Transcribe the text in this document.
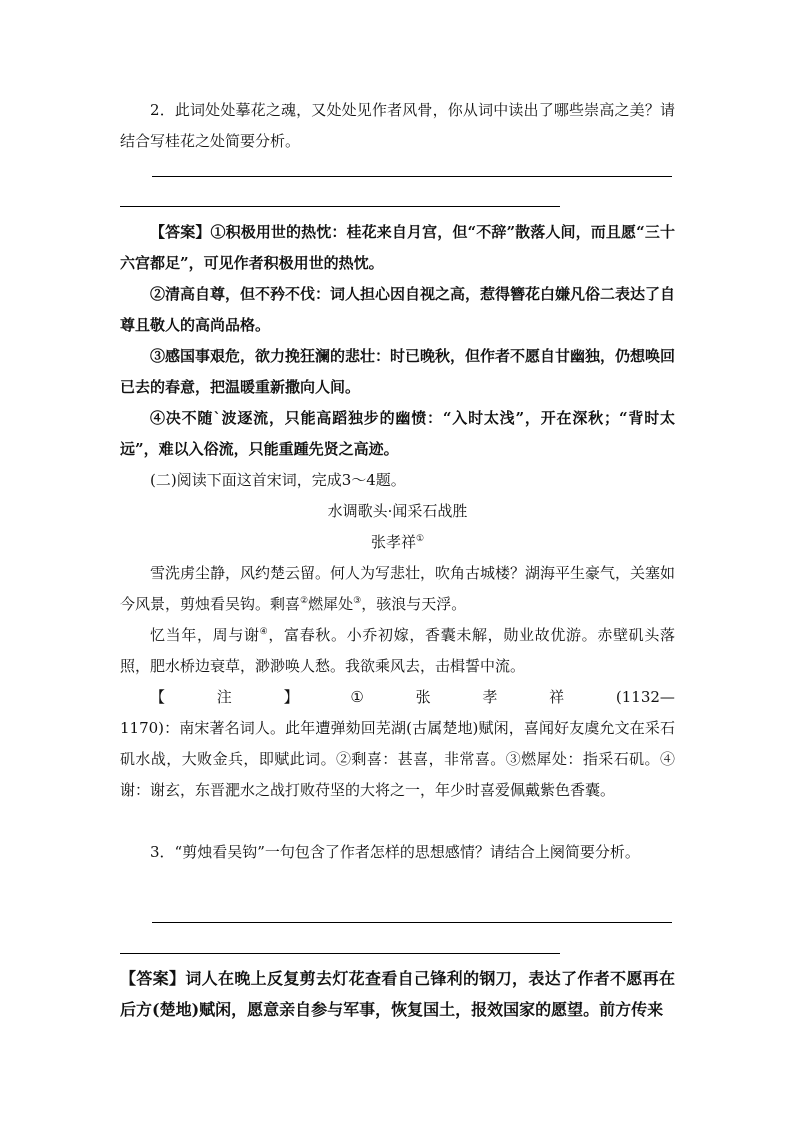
2．此词处处摹花之魂，又处处见作者风骨，你从词中读出了哪些崇高之美？请结合写桂花之处简要分析。

【答案】①积极用世的热忱：桂花来自月宫，但“不辞”散落人间，而且愿“三十六宫都足”，可见作者积极用世的热忱。

②清高自尊，但不矜不伐：词人担心因自视之高，惹得簪花白嫌凡俗二表达了自尊且敬人的高尚品格。

③感国事艰危，欲力挽狂澜的悲壮：时已晚秋，但作者不愿自甘幽独，仍想唤回已去的春意，把温暖重新撒向人间。

④决不随`波逐流，只能高蹈独步的幽愤：“入时太浅”，开在深秋；“背时太远”，难以入俗流，只能重踵先贤之高迹。

(二)阅读下面这首宋词，完成3～4题。

水调歌头·闻采石战胜
张孝祥①

雪洗虏尘静，风约楚云留。何人为写悲壮，吹角古城楼？湖海平生豪气，关塞如今风景，剪烛看吴钩。剩喜②燃犀处③，骇浪与天浮。

忆当年，周与谢④，富春秋。小乔初嫁，香囊未解，勋业故优游。赤壁矶头落照，肥水桥边衰草，渺渺唤人愁。我欲乘风去，击楫誓中流。

【	注	】	①	张	孝	祥	(1132—

1170)：南宋著名词人。此年遭弹劾回芜湖(古属楚地)赋闲，喜闻好友虞允文在采石矶水战，大败金兵，即赋此词。②剩喜：甚喜，非常喜。③燃犀处：指采石矶。④谢：谢玄，东晋淝水之战打败苻坚的大将之一，年少时喜爱佩戴紫色香囊。

3．“剪烛看吴钩”一句包含了作者怎样的思想感情？请结合上阕简要分析。

【答案】词人在晚上反复剪去灯花查看自己锋利的钢刀，表达了作者不愿再在后方(楚地)赋闲，愿意亲自参与军事，恢复国土，报效国家的愿望。前方传来
